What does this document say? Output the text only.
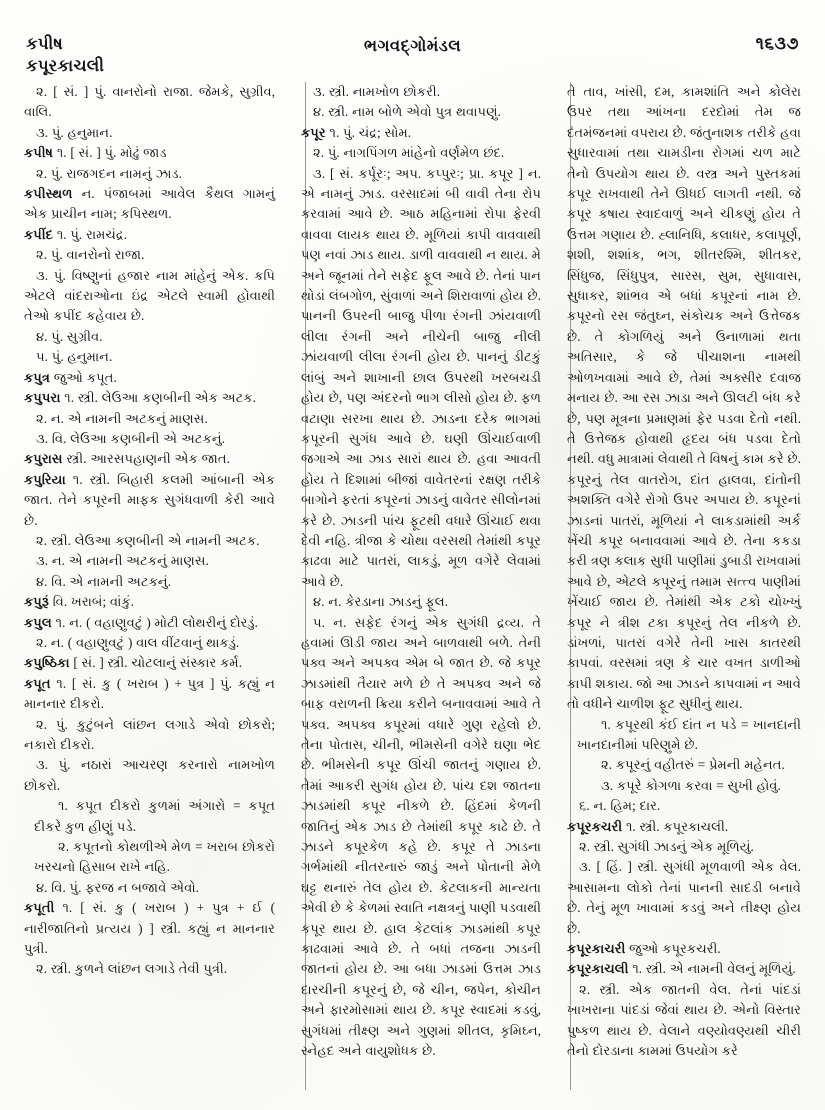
કપીષ
કપૂરકાચલી
ભગવદ્ગોમંડલ	૧૬૩૭

૨. [ સં. ] પું. વાનરોનો રાજા. જેમકે, સુગ્રીવ, વાલિ.

૩. પું. હનુમાન.

કપીષ ૧. [ સં. ] પું. મોઢું જાડ

૨. પું. રાજગદન નામનું ઝાડ.

કપીસ્થળ ન. પંજાબમાં આવેલ કૈથલ ગામનું એક પ્રાચીન નામ; કપિસ્થળ.

કપીંદ ૧. પું. રામચંદ્ર.

૨. પું. વાનરોનો રાજા.

૩. પું. વિષ્ણુનાં હજાર નામ માંહેનું એક. કપિ એટલે વાંદરાઓના ઇંદ્ર એટલે સ્વામી હોવાથી તેઓ કપીંદ કહેવાય છે.

૪. પું. સુગ્રીવ.

૫. પું. હનુમાન.

કપુત્ર જુઓ કપૂત.

કપુપરા ૧. સ્ત્રી. લેઉઆ કણબીની એક અટક.

૨. ન. એ નામની અટકનું માણસ.

૩. વિ. લેઉઆ કણબીની એ અટકનું.

કપુરાસ સ્ત્રી. આરસપહાણની એક જાત.

કપુરિયા ૧. સ્ત્રી. બિહારી કલમી આંબાની એક જાત. તેને કપૂરની માફક સુગંધવાળી કેરી આવે છે.

૨. સ્ત્રી. લેઉઆ કણબીની એ નામની અટક.

૩. ન. એ નામની અટકનું માણસ.

૪. વિ. એ નામની અટકનું.

કપુરૂં વિ. ખરાબં; વાંકું.

કપુલ ૧. ન. ( વહાણુવટું ) મોટી લોથરીનું દોરડું.

૨. ન. ( વહાણુવટું ) વાલ વીંટવાનું થાકડું.

કપુષ્ઠિકા [ સં. ] સ્ત્રી. ચોટલાનું સંસ્કાર કર્મ.

કપૂત ૧. [ સં. કુ ( ખરાબ ) + પુત્ર ] પું. કહ્યું ન માનનાર દીકરો.

૨. પું. કુટુંબને લાંછન લગાડે એવો છોકરો; નકારો દીકરો.

૩. પું. નઠારાં આચરણ કરનારો નામખોળ છોકરો.

૧. કપૂત દીકરો કુળમાં અંગારો = કપૂત દીકરે કુળ હીણું પડે.

૨. કપૂતનો કોથળીએ મેળ = ખરાબ છોકરો ખરચનો હિસાબ રાખે નહિ.

૪. વિ. પું. ફરજ ન બજાવે એવો.

કપૂતી ૧. [ સં. કુ ( ખરાબ ) + પુત્ર + ઈ ( નારીજાતિનો પ્રત્યય ) ] સ્ત્રી. કહ્યું ન માનનાર પુત્રી.

૨. સ્ત્રી. કુળને લાંછન લગાડે તેવી પુત્રી.

૩. સ્ત્રી. નામખોળ છોકરી.

૪. સ્ત્રી. નામ બોળે એવો પુત્ર થવાપણું.

કપૂર ૧. પું. ચંદ્ર; સોમ.

૨. પું. નાગપિંગળ માંહેનો વર્ણમેળ છંદ.

૩. [ સં. કર્પૂરઃ; અપ. કપ્પુરઃ; પ્રા. કપૂર ] ન. એ નામનું ઝાડ. વરસાદમાં બી વાવી તેના રોપ કરવામાં આવે છે. આઠ મહિનામાં રોપા ફેરવી વાવવા લાયક થાય છે. મૂળિયાં કાપી વાવવાથી પણ નવાં ઝાડ થાય. ડાળી વાવવાથી ન થાય. મે અને જૂનમાં તેને સફેદ ફૂલ આવે છે. તેનાં પાન થોડાં લંબગોળ, સુંવાળાં અને શિરાવાળાં હોય છે. પાનની ઉપરની બાજુ પીળા રંગની ઝાંયવાળી લીલા રંગની અને નીચેની બાજુ નીલી ઝાંયવાળી લીલા રંગની હોય છે. પાનનું ડીટકું લાંબું અને શાખાની છાલ ઉપરથી ખરબચડી હોય છે, પણ અંદરનો ભાગ લીસો હોય છે. ફળ વટાણા સરખા થાય છે. ઝાડના દરેક ભાગમાં કપૂરની સુગંધ આવે છે. ઘણી ઊંચાઈવાળી જગાએ આ ઝાડ સારાં થાય છે. હવા આવતી હોય તે દિશામાં બીજાં વાવેતરનાં રક્ષણ તરીકે બાગોને ફરતાં કપૂરનાં ઝાડનું વાવેતર સીલોનમાં કરે છે. ઝાડની પાંચ ફૂટથી વધારે ઊંચાઈ થવા દેવી નહિ. ત્રીજા કે ચોથા વરસથી તેમાંથી કપૂર કાઢવા માટે પાતરાં, લાકડું, મૂળ વગેરે લેવામાં આવે છે.

૪. ન. કેરડાના ઝાડનું ફૂલ.

૫. ન. સફેદ રંગનું એક સુગંધી દ્રવ્ય. તે હવામાં ઊડી જાય અને બાળવાથી બળે. તેની પક્વ અને અપક્વ એમ બે જાત છે. જે કપૂર ઝાડમાંથી તૈયાર મળે છે તે અપક્વ અને જે બાફ વરાળની ક્રિયા કરીને બનાવવામાં આવે તે પક્વ. અપક્વ કપૂરમાં વધારે ગુણ રહેલો છે. તેના પોતાસ, ચીની, ભીમસેની વગેરે ઘણા ભેદ છે. ભીમસેની કપૂર ઊંચી જાતનું ગણાય છે. તેમાં આકરી સુગંધ હોય છે. પાંચ દશ જાતના ઝાડમાંથી કપૂર નીકળે છે. હિંદમાં કેળની જાતિનું એક ઝાડ છે તેમાંથી કપૂર કાઢે છે. તે ઝાડને કપૂરકેળ કહે છે. કપૂર તે ઝાડના ગર્ભમાંથી નીતરનારું જાડું અને પોતાની મેળે ઘટ્ટ થનારું તેલ હોય છે. કેટલાકની માન્યતા એવી છે કે કેળમાં સ્વાતિ નક્ષત્રનું પાણી પડવાથી કપૂર થાય છે. હાલ કેટલાંક ઝાડમાંથી કપૂર કાઢવામાં આવે છે. તે બધાં તજના ઝાડની જાતનાં હોય છે. આ બધા ઝાડમાં ઉત્તમ ઝાડ દારચીની કપૂરનું છે, જે ચીન, જપેન, કોચીન અને ફારમોસામાં થાય છે. કપૂર સ્વાદમાં કડવું, સુગંધમાં તીક્ષ્ણ અને ગુણમાં શીતલ, કૃમિઘ્ન, સ્નેહદ અને વાયુશોધક છે.

તે તાવ, ખાંસી, દમ, કામશાંતિ અને કોલેરા ઉપર તથા આંખના દરદોમાં તેમ જ દંતમંજનમાં વપરાય છે. જંતુનાશક તરીકે હવા સુધારવામાં તથા ચામડીના રોગમાં ચળ માટે તેનો ઉપયોગ થાય છે. વસ્ત્ર અને પુસ્તકમાં કપૂર રાખવાથી તેને ઊધઈ લાગતી નથી. જે કપૂર કષાય સ્વાદવાળું અને ચીકણું હોય તે ઉત્તમ ગણાય છે. હ્લાનિધિ, કલાધર, કલાપૂર્ણ, શશી, શશાંક, ભગ, શીતરશ્મિ, શીતકર, સિંધુજ, સિંધુપુત્ર, સારસ, સુમ, સુધાવાસ, સુધાકર, શાંભવ એ બધાં કપૂરનાં નામ છે. કપૂરનો રસ જંતુઘ્ન, સંકોચક અને ઉત્તેજક છે. તે કોગળિયું અને ઉનાળામાં થતા અતિસાર, કે જે પીચાશના નામથી ઓળખવામાં આવે છે, તેમાં અક્સીર દવાજ મનાય છે. આ રસ ઝાડા અને ઊલટી બંધ કરે છે, પણ મૂત્રના પ્રમાણમાં ફેર પડવા દેતો નથી. તે ઉત્તેજક હોવાથી હૃદય બંધ પડવા દેતો નથી. વધુ માત્રામાં લેવાથી તે વિષનું કામ કરે છે. કપૂરનું તેલ વાતરોગ, દાંત હાલવા, દાંતોની અશક્તિ વગેરે રોગો ઉપર અપાય છે. કપૂરનાં ઝાડનાં પાતરાં, મૂળિયાં ને લાકડામાંથી અર્ક ખેંચી કપૂર બનાવવામાં આવે છે. તેના કકડા કરી ત્રણ કલાક સુધી પાણીમાં ડુબાડી રાખવામાં આવે છે, એટલે કપૂરનું તમામ સત્ત્વ પાણીમાં ખેંચાઈ જાય છે. તેમાંથી એક ટકો ચોખ્ખું કપૂર ને ત્રીશ ટકા કપૂરનું તેલ નીકળે છે. ડાંખળાં, પાતરાં વગેરે તેની ખાસ કાતરથી કાપવાં. વરસમાં ત્રણ કે ચાર વખત ડાળીઓ કાપી શકાય. જો આ ઝાડને કાપવામાં ન આવે તો વધીને ચાળીશ ફૂટ સુધીનું થાય.

૧. કપૂરથી કંઈ દાંત ન પડે = ખાનદાની ખાનદાનીમાં પરિણુમે છે.

૨. કપૂરનું વહીતરું = પ્રેમની મહેનત.

૩. કપૂરે કોગળા કરવા = સુખી હોવું.

૬. ન. હિમ; દાર.

કપૂરકચરી ૧. સ્ત્રી. કપૂરકાચલી.

૨. સ્ત્રી. સુગંધી ઝાડનું એક મૂળિયું.

૩. [ હિં. ] સ્ત્રી. સુગંધી મૂળવાળી એક વેલ. આસામના લોકો તેનાં પાનની સાદડી બનાવે છે. તેનું મૂળ ખાવામાં કડવું અને તીક્ષ્ણ હોય છે.

કપૂરકાચરી જુઓ કપૂરકચરી.

કપૂરકાચલી ૧. સ્ત્રી. એ નામની વેલનું મૂળિયું.

૨. સ્ત્રી. એક જાતની વેલ. તેનાં પાંદડાં ખાખરાના પાંદડાં જેવાં થાય છે. એનો વિસ્તાર પુષ્કળ થાય છે. વેલાને વણ્યોવણ્યથી ચીરી તેનો દોરડાના કામમાં ઉપયોગ કરે
